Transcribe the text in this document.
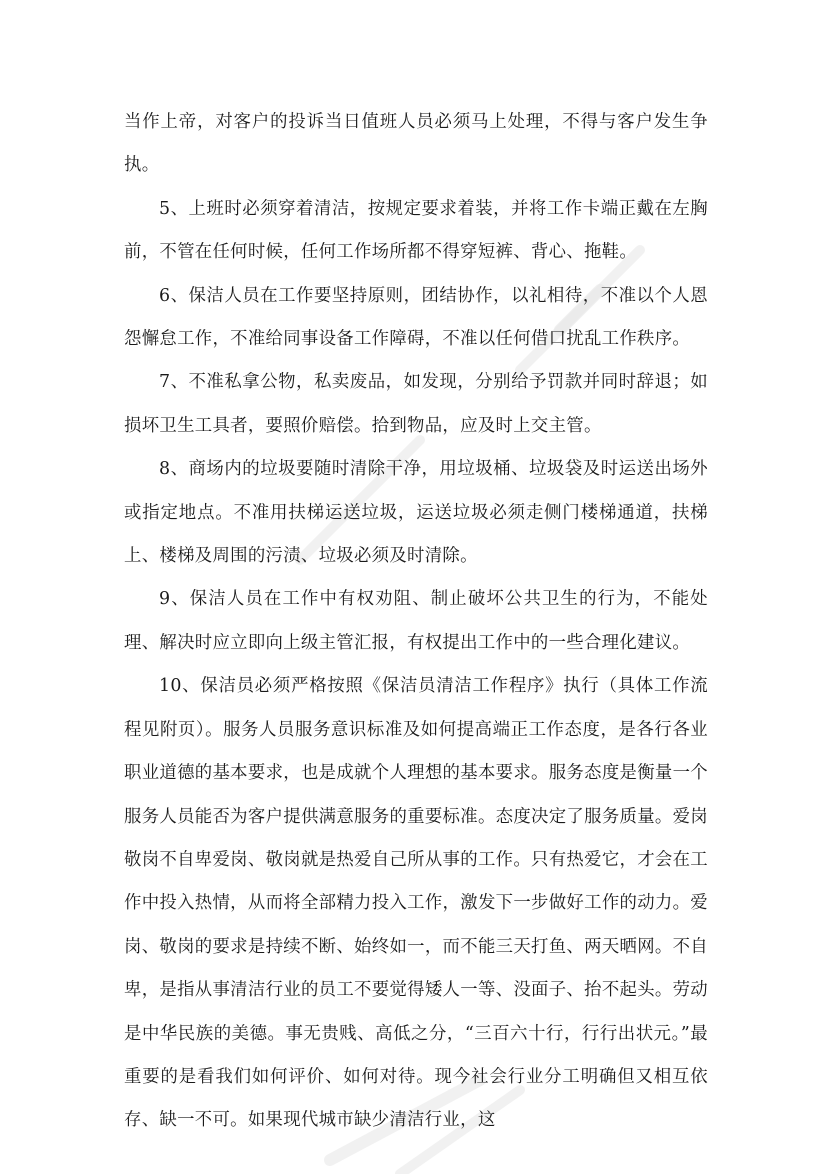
当作上帝，对客户的投诉当日值班人员必须马上处理，不得与客户发生争执。

5、上班时必须穿着清洁，按规定要求着装，并将工作卡端正戴在左胸前，不管在任何时候，任何工作场所都不得穿短裤、背心、拖鞋。

6、保洁人员在工作要坚持原则，团结协作，以礼相待，不准以个人恩怨懈怠工作，不准给同事设备工作障碍，不准以任何借口扰乱工作秩序。

7、不准私拿公物，私卖废品，如发现，分别给予罚款并同时辞退；如损坏卫生工具者，要照价赔偿。拾到物品，应及时上交主管。

8、商场内的垃圾要随时清除干净，用垃圾桶、垃圾袋及时运送出场外或指定地点。不准用扶梯运送垃圾，运送垃圾必须走侧门楼梯通道，扶梯上、楼梯及周围的污渍、垃圾必须及时清除。

9、保洁人员在工作中有权劝阻、制止破坏公共卫生的行为，不能处理、解决时应立即向上级主管汇报，有权提出工作中的一些合理化建议。

10、保洁员必须严格按照《保洁员清洁工作程序》执行（具体工作流程见附页）。服务人员服务意识标准及如何提高端正工作态度，是各行各业职业道德的基本要求，也是成就个人理想的基本要求。服务态度是衡量一个服务人员能否为客户提供满意服务的重要标准。态度决定了服务质量。爱岗敬岗不自卑爱岗、敬岗就是热爱自己所从事的工作。只有热爱它，才会在工作中投入热情，从而将全部精力投入工作，激发下一步做好工作的动力。爱岗、敬岗的要求是持续不断、始终如一，而不能三天打鱼、两天晒网。不自卑，是指从事清洁行业的员工不要觉得矮人一等、没面子、抬不起头。劳动是中华民族的美德。事无贵贱、高低之分，“三百六十行，行行出状元。”最重要的是看我们如何评价、如何对待。现今社会行业分工明确但又相互依存、缺一不可。如果现代城市缺少清洁行业，这
